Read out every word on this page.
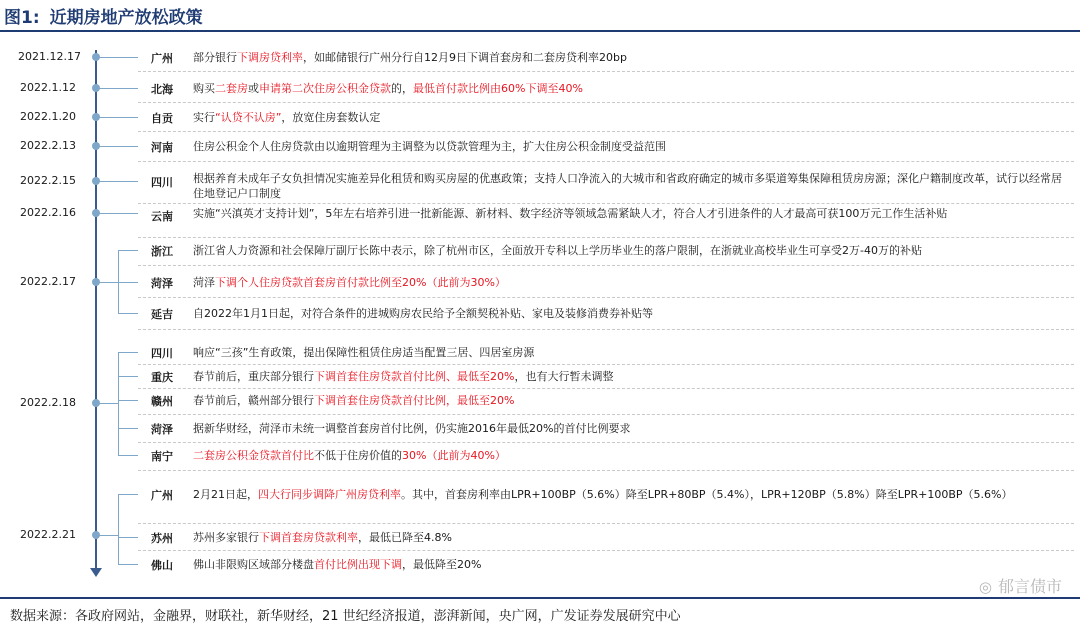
图1: 近期房地产放松政策
2021.12.17
2022.1.12
2022.1.20
2022.2.13
2022.2.15
2022.2.16
2022.2.17
2022.2.18
2022.2.21
广州
北海
自贡
河南
四川
云南
浙江
菏泽
延吉
四川
重庆
赣州
菏泽
南宁
广州
苏州
佛山
部分银行下调房贷利率，如邮储银行广州分行自12月9日下调首套房和二套房贷利率20bp
购买二套房或申请第二次住房公积金贷款的，最低首付款比例由60%下调至40%
实行“认贷不认房”，放宽住房套数认定
住房公积金个人住房贷款由以逾期管理为主调整为以贷款管理为主，扩大住房公积金制度受益范围
根据养育未成年子女负担情况实施差异化租赁和购买房屋的优惠政策；支持人口净流入的大城市和省政府确定的城市多渠道筹集保障租赁房房源；深化户籍制度改革，试行以经常居住地登记户口制度
实施“兴滇英才支持计划”，5年左右培养引进一批新能源、新材料、数字经济等领域急需紧缺人才，符合人才引进条件的人才最高可获100万元工作生活补贴
浙江省人力资源和社会保障厅副厅长陈中表示，除了杭州市区，全面放开专科以上学历毕业生的落户限制，在浙就业高校毕业生可享受2万-40万的补贴
菏泽下调个人住房贷款首套房首付款比例至20%（此前为30%）
自2022年1月1日起，对符合条件的进城购房农民给予全额契税补贴、家电及装修消费券补贴等
响应“三孩”生育政策，提出保障性租赁住房适当配置三居、四居室房源
春节前后，重庆部分银行下调首套住房贷款首付比例、最低至20%，也有大行暂未调整
春节前后，赣州部分银行下调首套住房贷款首付比例，最低至20%
据新华财经，菏泽市未统一调整首套房首付比例，仍实施2016年最低20%的首付比例要求
二套房公积金贷款首付比不低于住房价值的30%（此前为40%）
2月21日起，四大行同步调降广州房贷利率。其中，首套房利率由LPR+100BP（5.6%）降至LPR+80BP（5.4%），LPR+120BP（5.8%）降至LPR+100BP（5.6%）
苏州多家银行下调首套房贷款利率，最低已降至4.8%
佛山非限购区域部分楼盘首付比例出现下调，最低降至20%
◎ 郁言债市
数据来源：各政府网站，金融界，财联社，新华财经，21 世纪经济报道，澎湃新闻，央广网，广发证券发展研究中心
